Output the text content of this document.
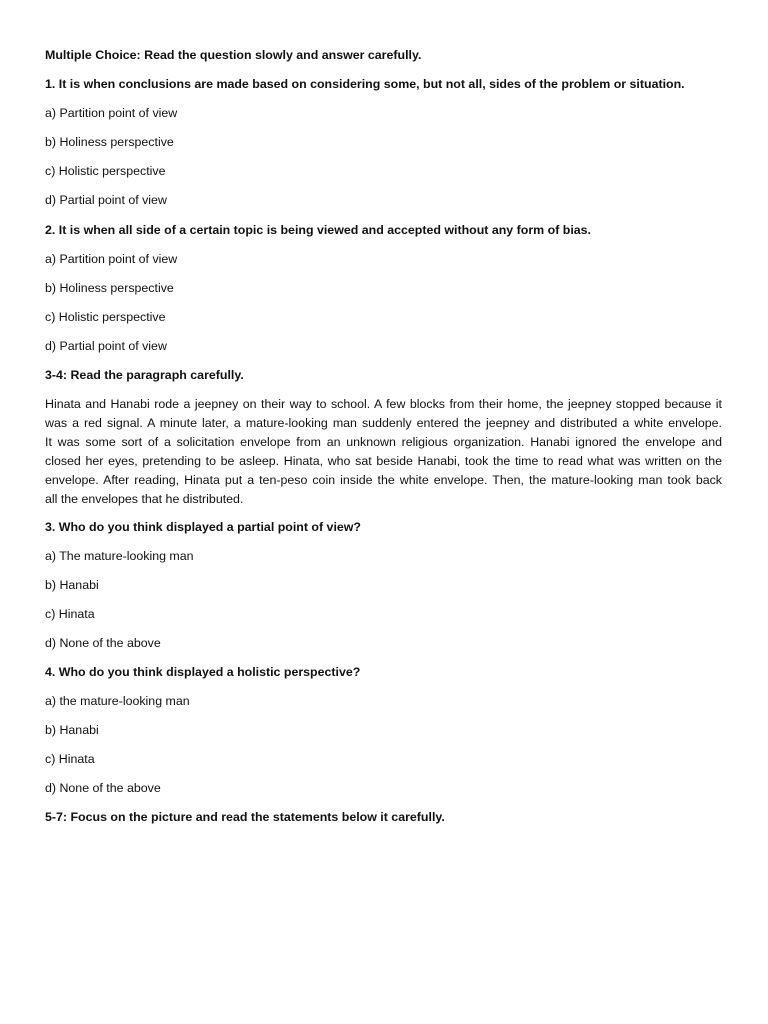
Multiple Choice: Read the question slowly and answer carefully.

1. It is when conclusions are made based on considering some, but not all, sides of the problem or situation.

a) Partition point of view

b) Holiness perspective

c) Holistic perspective

d) Partial point of view

2. It is when all side of a certain topic is being viewed and accepted without any form of bias.

a) Partition point of view

b) Holiness perspective

c) Holistic perspective

d) Partial point of view

3-4: Read the paragraph carefully.

Hinata and Hanabi rode a jeepney on their way to school. A few blocks from their home, the jeepney stopped because it
was a red signal. A minute later, a mature-looking man suddenly entered the jeepney and distributed a white envelope.
It was some sort of a solicitation envelope from an unknown religious organization. Hanabi ignored the envelope and
closed her eyes, pretending to be asleep. Hinata, who sat beside Hanabi, took the time to read what was written on the
envelope. After reading, Hinata put a ten-peso coin inside the white envelope. Then, the mature-looking man took back
all the envelopes that he distributed.

3. Who do you think displayed a partial point of view?

a) The mature-looking man

b) Hanabi

c) Hinata

d) None of the above

4. Who do you think displayed a holistic perspective?

a) the mature-looking man

b) Hanabi

c) Hinata

d) None of the above

5-7: Focus on the picture and read the statements below it carefully.
